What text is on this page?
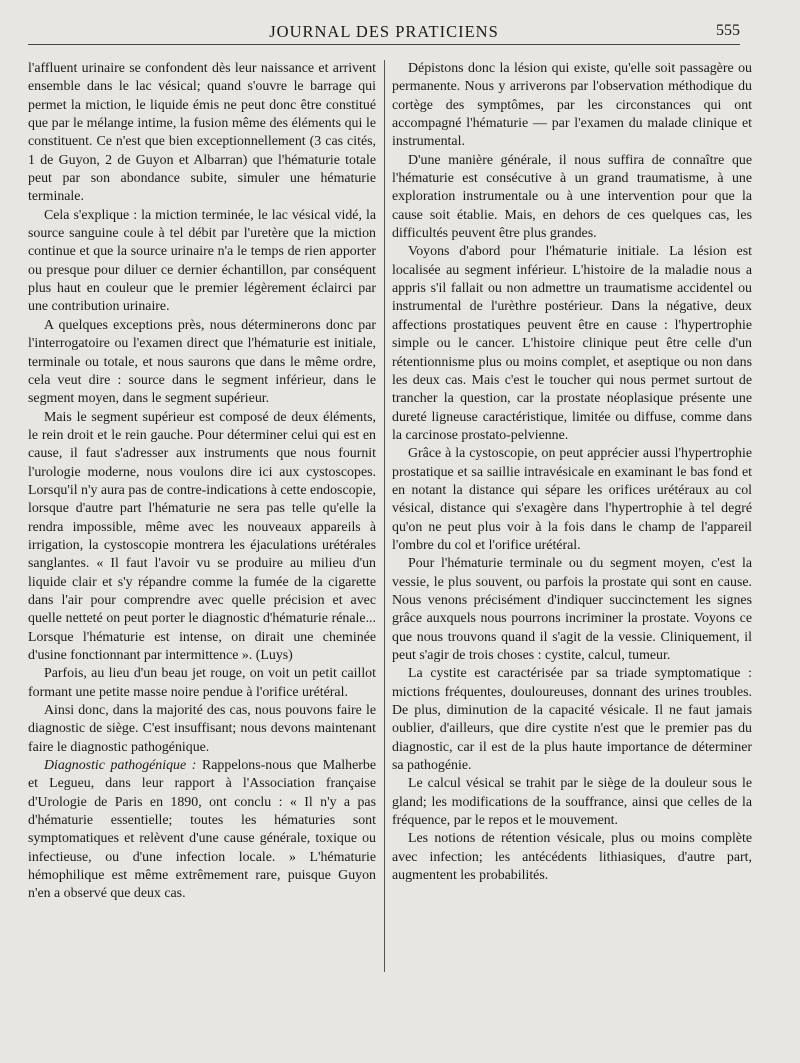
JOURNAL DES PRATICIENS	555

l'affluent urinaire se confondent dès leur naissance et arrivent ensemble dans le lac vésical; quand s'ouvre le barrage qui permet la miction, le liquide émis ne peut donc être constitué que par le mélange intime, la fusion même des éléments qui le constituent. Ce n'est que bien exceptionnellement (3 cas cités, 1 de Guyon, 2 de Guyon et Albarran) que l'hématurie totale peut par son abondance subite, simuler une hématurie terminale.

Cela s'explique : la miction terminée, le lac vésical vidé, la source sanguine coule à tel débit par l'uretère que la miction continue et que la source urinaire n'a le temps de rien apporter ou presque pour diluer ce dernier échantillon, par conséquent plus haut en couleur que le premier légèrement éclairci par une contribution urinaire.

A quelques exceptions près, nous déterminerons donc par l'interrogatoire ou l'examen direct que l'hématurie est initiale, terminale ou totale, et nous saurons que dans le même ordre, cela veut dire : source dans le segment inférieur, dans le segment moyen, dans le segment supérieur.

Mais le segment supérieur est composé de deux éléments, le rein droit et le rein gauche. Pour déterminer celui qui est en cause, il faut s'adresser aux instruments que nous fournit l'urologie moderne, nous voulons dire ici aux cystoscopes. Lorsqu'il n'y aura pas de contre-indications à cette endoscopie, lorsque d'autre part l'hématurie ne sera pas telle qu'elle la rendra impossible, même avec les nouveaux appareils à irrigation, la cystoscopie montrera les éjaculations urétérales sanglantes. « Il faut l'avoir vu se produire au milieu d'un liquide clair et s'y répandre comme la fumée de la cigarette dans l'air pour comprendre avec quelle précision et avec quelle netteté on peut porter le diagnostic d'hématurie rénale... Lorsque l'hématurie est intense, on dirait une cheminée d'usine fonctionnant par intermittence ». (Luys)

Parfois, au lieu d'un beau jet rouge, on voit un petit caillot formant une petite masse noire pendue à l'orifice urétéral.

Ainsi donc, dans la majorité des cas, nous pouvons faire le diagnostic de siège. C'est insuffisant; nous devons maintenant faire le diagnostic pathogénique.

Diagnostic pathogénique : Rappelons-nous que Malherbe et Legueu, dans leur rapport à l'Association française d'Urologie de Paris en 1890, ont conclu : « Il n'y a pas d'hématurie essentielle; toutes les hématuries sont symptomatiques et relèvent d'une cause générale, toxique ou infectieuse, ou d'une infection locale. » L'hématurie hémophilique est même extrêmement rare, puisque Guyon n'en a observé que deux cas.

Dépistons donc la lésion qui existe, qu'elle soit passagère ou permanente. Nous y arriverons par l'observation méthodique du cortège des symptômes, par les circonstances qui ont accompagné l'hématurie — par l'examen du malade clinique et instrumental.

D'une manière générale, il nous suffira de connaître que l'hématurie est consécutive à un grand traumatisme, à une exploration instrumentale ou à une intervention pour que la cause soit établie. Mais, en dehors de ces quelques cas, les difficultés peuvent être plus grandes.

Voyons d'abord pour l'hématurie initiale. La lésion est localisée au segment inférieur. L'histoire de la maladie nous a appris s'il fallait ou non admettre un traumatisme accidentel ou instrumental de l'urèthre postérieur. Dans la négative, deux affections prostatiques peuvent être en cause : l'hypertrophie simple ou le cancer. L'histoire clinique peut être celle d'un rétentionnisme plus ou moins complet, et aseptique ou non dans les deux cas. Mais c'est le toucher qui nous permet surtout de trancher la question, car la prostate néoplasique présente une dureté ligneuse caractéristique, limitée ou diffuse, comme dans la carcinose prostato-pelvienne.

Grâce à la cystoscopie, on peut apprécier aussi l'hypertrophie prostatique et sa saillie intravésicale en examinant le bas fond et en notant la distance qui sépare les orifices urétéraux au col vésical, distance qui s'exagère dans l'hypertrophie à tel degré qu'on ne peut plus voir à la fois dans le champ de l'appareil l'ombre du col et l'orifice urétéral.

Pour l'hématurie terminale ou du segment moyen, c'est la vessie, le plus souvent, ou parfois la prostate qui sont en cause. Nous venons précisément d'indiquer succinctement les signes grâce auxquels nous pourrons incriminer la prostate. Voyons ce que nous trouvons quand il s'agit de la vessie. Cliniquement, il peut s'agir de trois choses : cystite, calcul, tumeur.

La cystite est caractérisée par sa triade symptomatique : mictions fréquentes, douloureuses, donnant des urines troubles. De plus, diminution de la capacité vésicale. Il ne faut jamais oublier, d'ailleurs, que dire cystite n'est que le premier pas du diagnostic, car il est de la plus haute importance de déterminer sa pathogénie.

Le calcul vésical se trahit par le siège de la douleur sous le gland; les modifications de la souffrance, ainsi que celles de la fréquence, par le repos et le mouvement.

Les notions de rétention vésicale, plus ou moins complète avec infection; les antécédents lithiasiques, d'autre part, augmentent les probabilités.
